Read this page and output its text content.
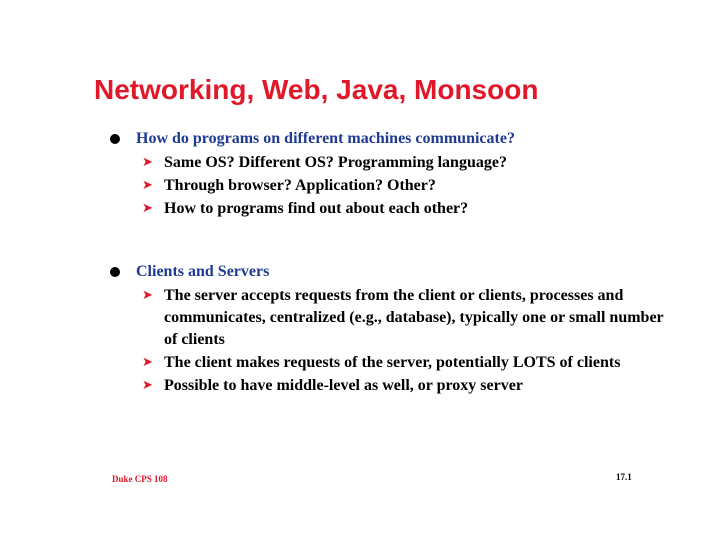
Networking, Web, Java, Monsoon
How do programs on different machines communicate?
➤ Same OS? Different OS? Programming language?
➤ Through browser? Application? Other?
➤ How to programs find out about each other?
Clients and Servers
➤ The server accepts requests from the client or clients, processes and communicates, centralized (e.g., database), typically one or small number of clients
➤ The client makes requests of the server, potentially LOTS of clients
➤ Possible to have middle-level as well, or proxy server
Duke CPS 108	17.1
